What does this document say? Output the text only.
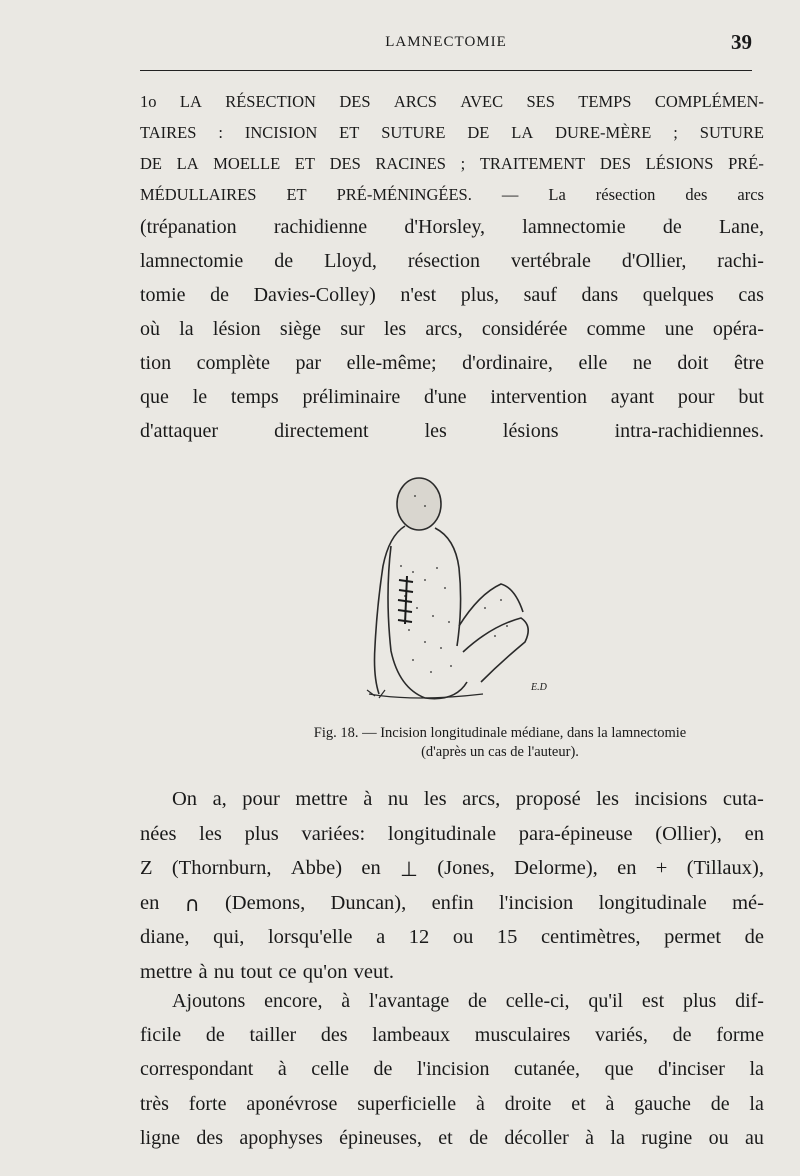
LAMNECTOMIE	39
1o LA RÉSECTION DES ARCS AVEC SES TEMPS COMPLÉMEN-
TAIRES : INCISION ET SUTURE DE LA DURE-MÈRE ; SUTURE
DE LA MOELLE ET DES RACINES ; TRAITEMENT DES LÉSIONS PRÉ-
MÉDULLAIRES ET PRÉ-MÉNINGÉES. — La résection des arcs
(trépanation rachidienne d'Horsley, lamnectomie de Lane,
lamnectomie de Lloyd, résection vertébrale d'Ollier, rachi-
tomie de Davies-Colley) n'est plus, sauf dans quelques cas
où la lésion siège sur les arcs, considérée comme une opéra-
tion complète par elle-même; d'ordinaire, elle ne doit être
que le temps préliminaire d'une intervention ayant pour but
d'attaquer	directement	les	lésions	intra-rachidiennes.
E.D
Fig. 18. — Incision longitudinale médiane, dans la lamnectomie
(d'après un cas de l'auteur).
On a, pour mettre à nu les arcs, proposé les incisions cuta-
nées les plus variées: longitudinale para-épineuse (Ollier), en
Z (Thornburn, Abbe) en ⊥ (Jones, Delorme), en + (Tillaux),
en ∩ (Demons, Duncan), enfin l'incision longitudinale mé-
diane, qui, lorsqu'elle a 12 ou 15 centimètres, permet de
mettre à nu tout ce qu'on veut.
Ajoutons encore, à l'avantage de celle-ci, qu'il est plus dif-
ficile de tailler des lambeaux musculaires variés, de forme
correspondant à celle de l'incision cutanée, que d'inciser la
très forte aponévrose superficielle à droite et à gauche de la
ligne des apophyses épineuses, et de décoller à la rugine ou au
